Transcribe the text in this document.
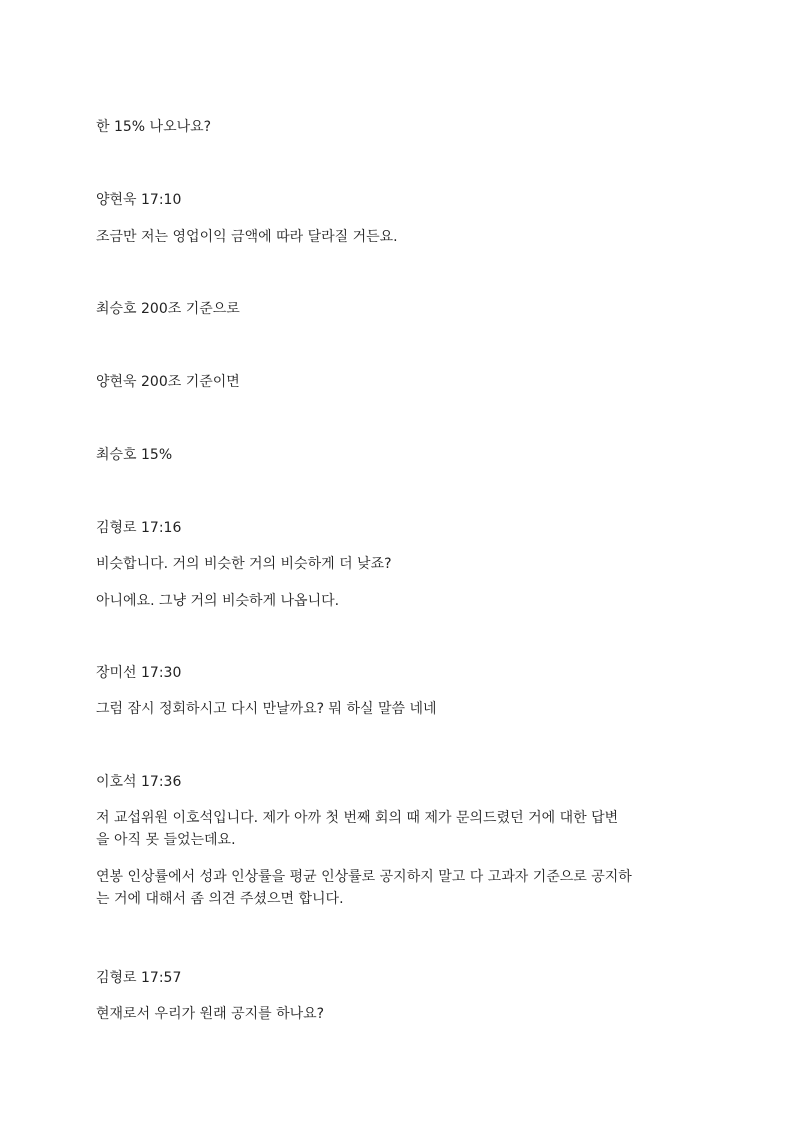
한 15% 나오나요?
양현욱 17:10
조금만 저는 영업이익 금액에 따라 달라질 거든요.
최승호 200조 기준으로
양현욱 200조 기준이면
최승호 15%
김형로 17:16
비슷합니다. 거의 비슷한 거의 비슷하게 더 낮죠?
아니에요. 그냥 거의 비슷하게 나옵니다.
장미선 17:30
그럼 잠시 정회하시고 다시 만날까요? 뭐 하실 말씀 네네
이호석 17:36
저 교섭위원 이호석입니다. 제가 아까 첫 번째 회의 때 제가 문의드렸던 거에 대한 답변
을 아직 못 들었는데요.
연봉 인상률에서 성과 인상률을 평균 인상률로 공지하지 말고 다 고과자 기준으로 공지하
는 거에 대해서 좀 의견 주셨으면 합니다.
김형로 17:57
현재로서 우리가 원래 공지를 하나요?
